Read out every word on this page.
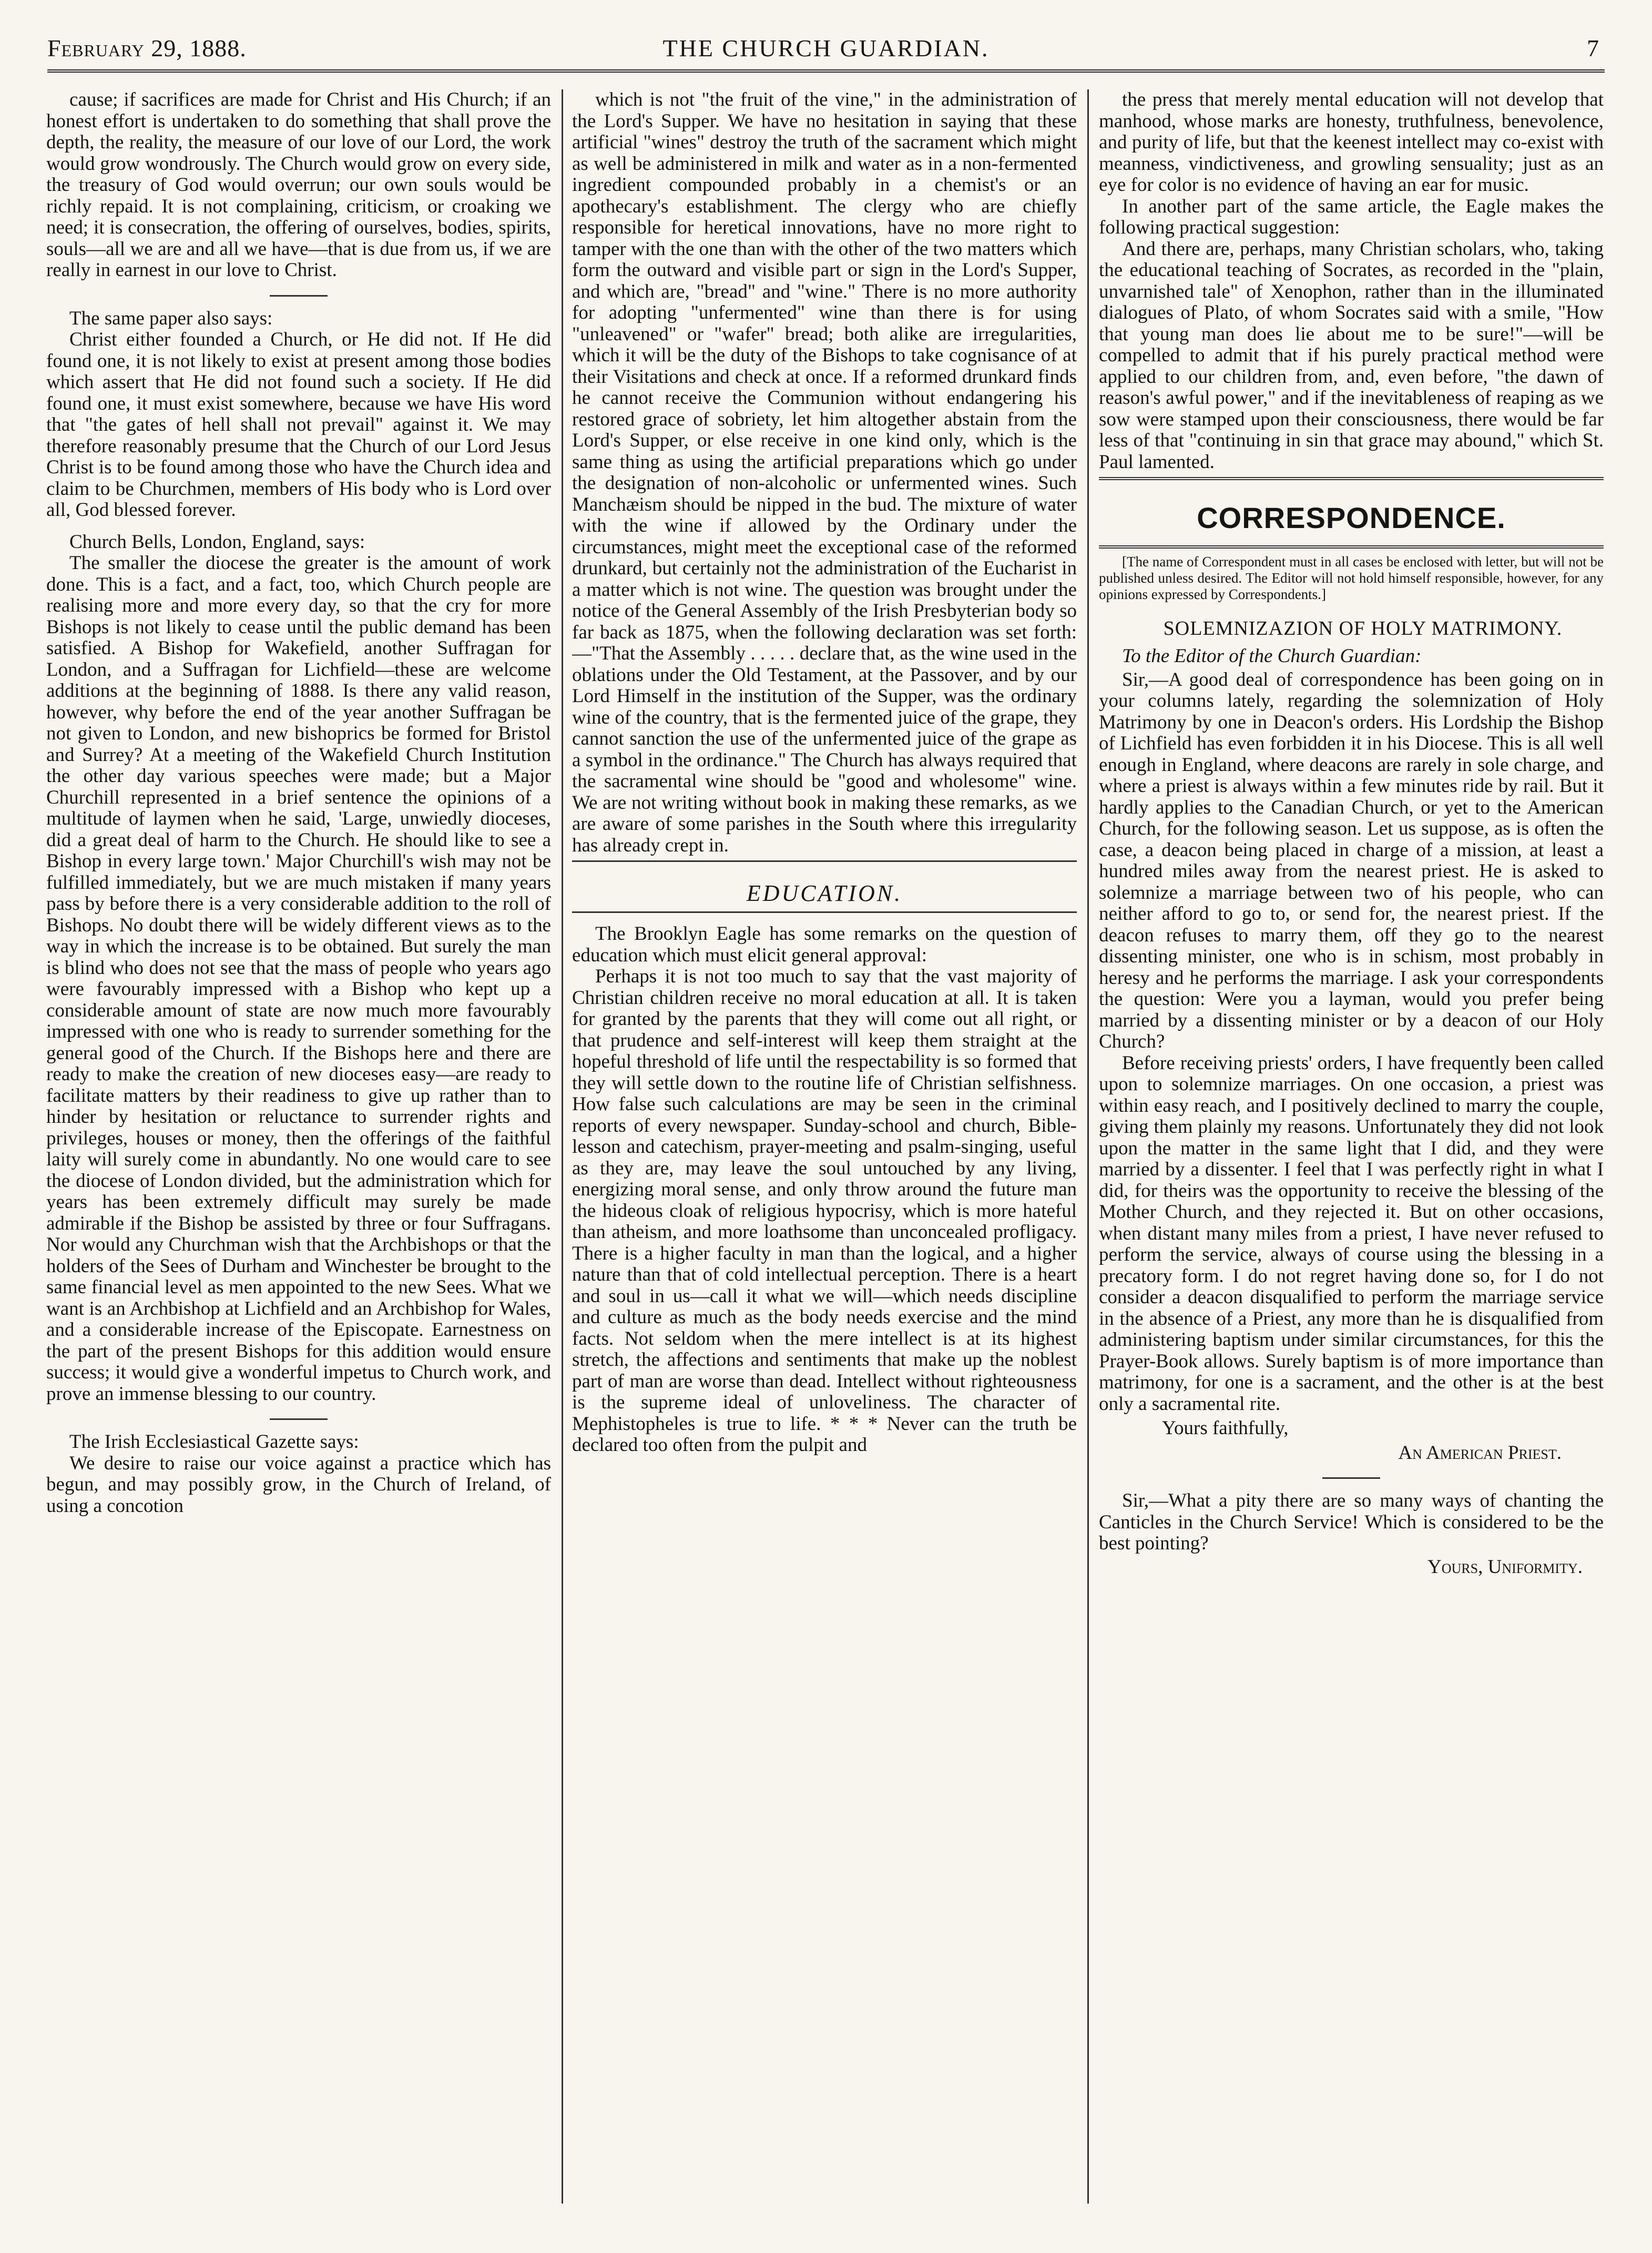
February 29, 1888.	THE CHURCH GUARDIAN.	7

cause; if sacrifices are made for Christ and His Church; if an honest effort is undertaken to do something that shall prove the depth, the reality, the measure of our love of our Lord, the work would grow wondrously. The Church would grow on every side, the treasury of God would overrun; our own souls would be richly repaid. It is not complaining, criticism, or croaking we need; it is consecration, the offering of ourselves, bodies, spirits, souls—all we are and all we have—that is due from us, if we are really in earnest in our love to Christ.

The same paper also says:

Christ either founded a Church, or He did not. If He did found one, it is not likely to exist at present among those bodies which assert that He did not found such a society. If He did found one, it must exist somewhere, because we have His word that "the gates of hell shall not prevail" against it. We may therefore reasonably presume that the Church of our Lord Jesus Christ is to be found among those who have the Church idea and claim to be Churchmen, members of His body who is Lord over all, God blessed forever.

Church Bells, London, England, says:

The smaller the diocese the greater is the amount of work done. This is a fact, and a fact, too, which Church people are realising more and more every day, so that the cry for more Bishops is not likely to cease until the public demand has been satisfied. A Bishop for Wakefield, another Suffragan for London, and a Suffragan for Lichfield—these are welcome additions at the beginning of 1888. Is there any valid reason, however, why before the end of the year another Suffragan be not given to London, and new bishoprics be formed for Bristol and Surrey? At a meeting of the Wakefield Church Institution the other day various speeches were made; but a Major Churchill represented in a brief sentence the opinions of a multitude of laymen when he said, 'Large, unwiedly dioceses, did a great deal of harm to the Church. He should like to see a Bishop in every large town.' Major Churchill's wish may not be fulfilled immediately, but we are much mistaken if many years pass by before there is a very considerable addition to the roll of Bishops. No doubt there will be widely different views as to the way in which the increase is to be obtained. But surely the man is blind who does not see that the mass of people who years ago were favourably impressed with a Bishop who kept up a considerable amount of state are now much more favourably impressed with one who is ready to surrender something for the general good of the Church. If the Bishops here and there are ready to make the creation of new dioceses easy—are ready to facilitate matters by their readiness to give up rather than to hinder by hesitation or reluctance to surrender rights and privileges, houses or money, then the offerings of the faithful laity will surely come in abundantly. No one would care to see the diocese of London divided, but the administration which for years has been extremely difficult may surely be made admirable if the Bishop be assisted by three or four Suffragans. Nor would any Churchman wish that the Archbishops or that the holders of the Sees of Durham and Winchester be brought to the same financial level as men appointed to the new Sees. What we want is an Archbishop at Lichfield and an Archbishop for Wales, and a considerable increase of the Episcopate. Earnestness on the part of the present Bishops for this addition would ensure success; it would give a wonderful impetus to Church work, and prove an immense blessing to our country.

The Irish Ecclesiastical Gazette says:

We desire to raise our voice against a practice which has begun, and may possibly grow, in the Church of Ireland, of using a concotion

which is not "the fruit of the vine," in the administration of the Lord's Supper. We have no hesitation in saying that these artificial "wines" destroy the truth of the sacrament which might as well be administered in milk and water as in a non-fermented ingredient compounded probably in a chemist's or an apothecary's establishment. The clergy who are chiefly responsible for heretical innovations, have no more right to tamper with the one than with the other of the two matters which form the outward and visible part or sign in the Lord's Supper, and which are, "bread" and "wine." There is no more authority for adopting "unfermented" wine than there is for using "unleavened" or "wafer" bread; both alike are irregularities, which it will be the duty of the Bishops to take cognisance of at their Visitations and check at once. If a reformed drunkard finds he cannot receive the Communion without endangering his restored grace of sobriety, let him altogether abstain from the Lord's Supper, or else receive in one kind only, which is the same thing as using the artificial preparations which go under the designation of non-alcoholic or unfermented wines. Such Manchæism should be nipped in the bud. The mixture of water with the wine if allowed by the Ordinary under the circumstances, might meet the exceptional case of the reformed drunkard, but certainly not the administration of the Eucharist in a matter which is not wine. The question was brought under the notice of the General Assembly of the Irish Presbyterian body so far back as 1875, when the following declaration was set forth: —"That the Assembly . . . . . declare that, as the wine used in the oblations under the Old Testament, at the Passover, and by our Lord Himself in the institution of the Supper, was the ordinary wine of the country, that is the fermented juice of the grape, they cannot sanction the use of the unfermented juice of the grape as a symbol in the ordinance." The Church has always required that the sacramental wine should be "good and wholesome" wine. We are not writing without book in making these remarks, as we are aware of some parishes in the South where this irregularity has already crept in.

EDUCATION.

The Brooklyn Eagle has some remarks on the question of education which must elicit general approval:

Perhaps it is not too much to say that the vast majority of Christian children receive no moral education at all. It is taken for granted by the parents that they will come out all right, or that prudence and self-interest will keep them straight at the hopeful threshold of life until the respectability is so formed that they will settle down to the routine life of Christian selfishness. How false such calculations are may be seen in the criminal reports of every newspaper. Sunday-school and church, Bible-lesson and catechism, prayer-meeting and psalm-singing, useful as they are, may leave the soul untouched by any living, energizing moral sense, and only throw around the future man the hideous cloak of religious hypocrisy, which is more hateful than atheism, and more loathsome than unconcealed profligacy. There is a higher faculty in man than the logical, and a higher nature than that of cold intellectual perception. There is a heart and soul in us—call it what we will—which needs discipline and culture as much as the body needs exercise and the mind facts. Not seldom when the mere intellect is at its highest stretch, the affections and sentiments that make up the noblest part of man are worse than dead. Intellect without righteousness is the supreme ideal of unloveliness. The character of Mephistopheles is true to life. * * * Never can the truth be declared too often from the pulpit and

the press that merely mental education will not develop that manhood, whose marks are honesty, truthfulness, benevolence, and purity of life, but that the keenest intellect may co-exist with meanness, vindictiveness, and growling sensuality; just as an eye for color is no evidence of having an ear for music.

In another part of the same article, the Eagle makes the following practical suggestion:

And there are, perhaps, many Christian scholars, who, taking the educational teaching of Socrates, as recorded in the "plain, unvarnished tale" of Xenophon, rather than in the illuminated dialogues of Plato, of whom Socrates said with a smile, "How that young man does lie about me to be sure!"—will be compelled to admit that if his purely practical method were applied to our children from, and, even before, "the dawn of reason's awful power," and if the inevitableness of reaping as we sow were stamped upon their consciousness, there would be far less of that "continuing in sin that grace may abound," which St. Paul lamented.

CORRESPONDENCE.

[The name of Correspondent must in all cases be enclosed with letter, but will not be published unless desired. The Editor will not hold himself responsible, however, for any opinions expressed by Correspondents.]

SOLEMNIZAZION OF HOLY MATRIMONY.

To the Editor of the Church Guardian:

Sir,—A good deal of correspondence has been going on in your columns lately, regarding the solemnization of Holy Matrimony by one in Deacon's orders. His Lordship the Bishop of Lichfield has even forbidden it in his Diocese. This is all well enough in England, where deacons are rarely in sole charge, and where a priest is always within a few minutes ride by rail. But it hardly applies to the Canadian Church, or yet to the American Church, for the following season. Let us suppose, as is often the case, a deacon being placed in charge of a mission, at least a hundred miles away from the nearest priest. He is asked to solemnize a marriage between two of his people, who can neither afford to go to, or send for, the nearest priest. If the deacon refuses to marry them, off they go to the nearest dissenting minister, one who is in schism, most probably in heresy and he performs the marriage. I ask your correspondents the question: Were you a layman, would you prefer being married by a dissenting minister or by a deacon of our Holy Church?

Before receiving priests' orders, I have frequently been called upon to solemnize marriages. On one occasion, a priest was within easy reach, and I positively declined to marry the couple, giving them plainly my reasons. Unfortunately they did not look upon the matter in the same light that I did, and they were married by a dissenter. I feel that I was perfectly right in what I did, for theirs was the opportunity to receive the blessing of the Mother Church, and they rejected it. But on other occasions, when distant many miles from a priest, I have never refused to perform the service, always of course using the blessing in a precatory form. I do not regret having done so, for I do not consider a deacon disqualified to perform the marriage service in the absence of a Priest, any more than he is disqualified from administering baptism under similar circumstances, for this the Prayer-Book allows. Surely baptism is of more importance than matrimony, for one is a sacrament, and the other is at the best only a sacramental rite.

Yours faithfully,

An American Priest.

Sir,—What a pity there are so many ways of chanting the Canticles in the Church Service! Which is considered to be the best pointing?

Yours, Uniformity.
